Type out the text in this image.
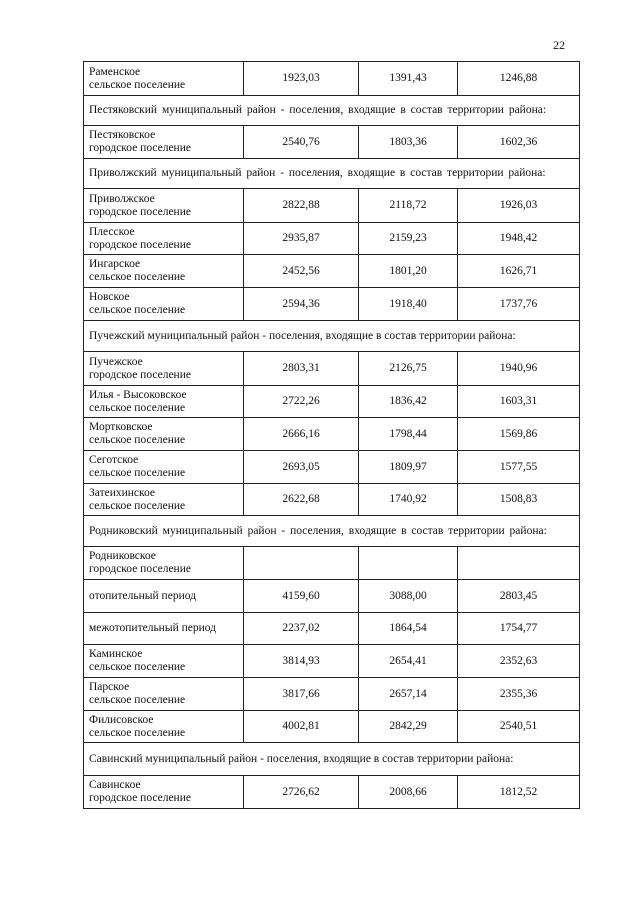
22
Раменское
сельское поселение	1923,03	1391,43	1246,88
Пестяковский муниципальный район - поселения, входящие в состав территории района:			

Пестяковское
городское поселение	2540,76	1803,36	1602,36
Приволжский муниципальный район - поселения, входящие в состав территории района:			

Приволжское
городское поселение	2822,88	2118,72	1926,03

Плесское
городское поселение	2935,87	2159,23	1948,42

Ингарское
сельское поселение	2452,56	1801,20	1626,71

Новское
сельское поселение	2594,36	1918,40	1737,76
Пучежский муниципальный район - поселения, входящие в состав территории района:			

Пучежское
городское поселение	2803,31	2126,75	1940,96

Илья - Высоковское
сельское поселение	2722,26	1836,42	1603,31

Мортковское
сельское поселение	2666,16	1798,44	1569,86

Сеготское
сельское поселение	2693,05	1809,97	1577,55

Затеихинское
сельское поселение	2622,68	1740,92	1508,83
Родниковский муниципальный район - поселения, входящие в состав территории района:			

Родниковское
городское поселение			

отопительный период	4159,60	3088,00	2803,45

межотопительный период	2237,02	1864,54	1754,77

Каминское
сельское поселение	3814,93	2654,41	2352,63

Парское
сельское поселение	3817,66	2657,14	2355,36

Филисовское
сельское поселение	4002,81	2842,29	2540,51
Савинский муниципальный район - поселения, входящие в состав территории района:			

Савинское
городское поселение	2726,62	2008,66	1812,52
